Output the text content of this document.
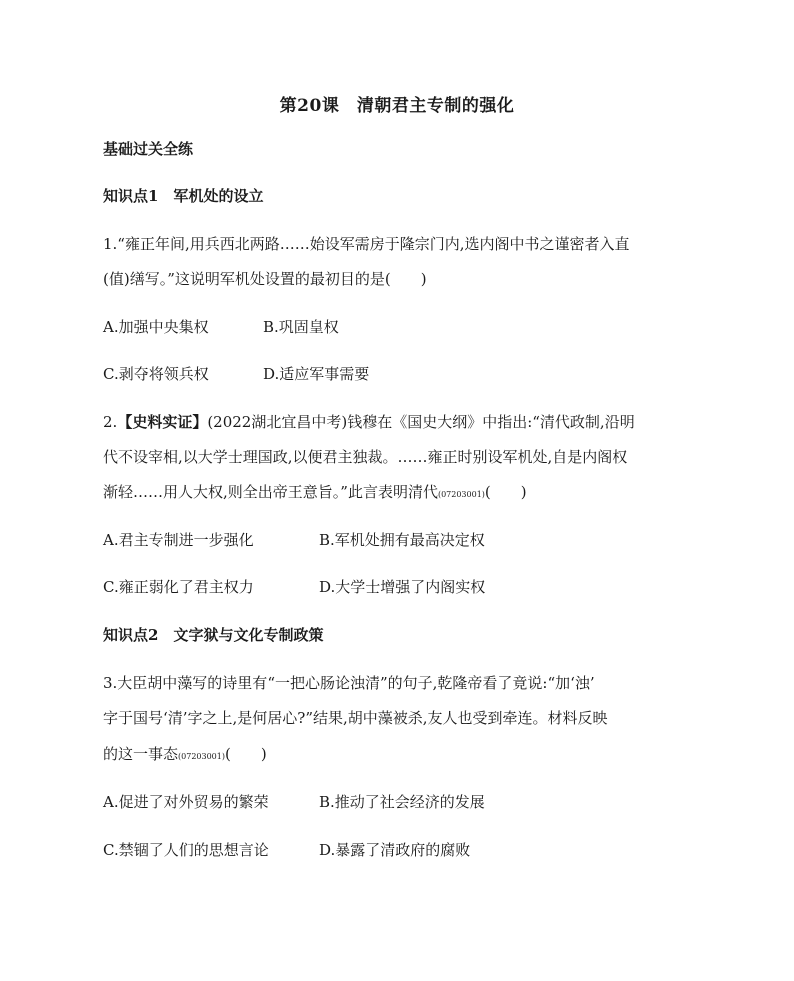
第20课　清朝君主专制的强化
基础过关全练
知识点1　军机处的设立
1.“雍正年间,用兵西北两路……始设军需房于隆宗门内,选内阁中书之谨密者入直
(值)缮写。”这说明军机处设置的最初目的是(　　)
A.加强中央集权	B.巩固皇权
C.剥夺将领兵权	D.适应军事需要
2.【史料实证】(2022湖北宜昌中考)钱穆在《国史大纲》中指出:“清代政制,沿明
代不设宰相,以大学士理国政,以便君主独裁。……雍正时别设军机处,自是内阁权
渐轻……用人大权,则全出帝王意旨。”此言表明清代(07203001)(　　)
A.君主专制进一步强化	B.军机处拥有最高决定权
C.雍正弱化了君主权力	D.大学士增强了内阁实权
知识点2　文字狱与文化专制政策
3.大臣胡中藻写的诗里有“一把心肠论浊清”的句子,乾隆帝看了竟说:“加‘浊’
字于国号‘清’字之上,是何居心?”结果,胡中藻被杀,友人也受到牵连。材料反映
的这一事态(07203001)(　　)
A.促进了对外贸易的繁荣	B.推动了社会经济的发展
C.禁锢了人们的思想言论	D.暴露了清政府的腐败
